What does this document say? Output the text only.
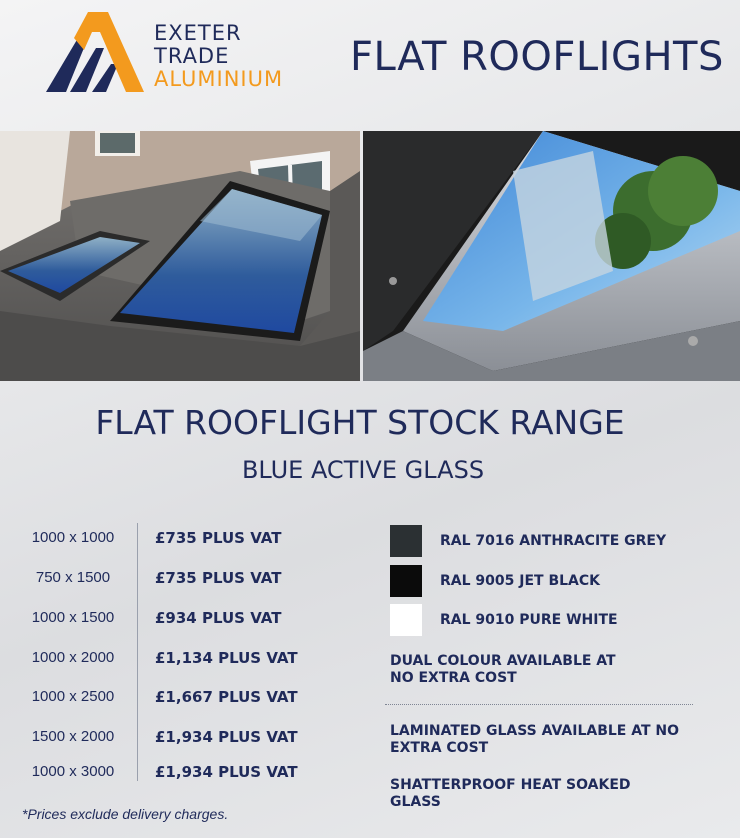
EXETER
TRADE
ALUMINIUM FLAT ROOFLIGHTS
FLAT ROOFLIGHT STOCK RANGE
BLUE ACTIVE GLASS
1000 x 1000	£735 PLUS VAT
750 x 1500	£735 PLUS VAT
1000 x 1500	£934 PLUS VAT
1000 x 2000	£1,134 PLUS VAT
1000 x 2500	£1,667 PLUS VAT
1500 x 2000	£1,934 PLUS VAT
1000 x 3000	£1,934 PLUS VAT
RAL 7016 ANTHRACITE GREY
RAL 9005 JET BLACK
RAL 9010 PURE WHITE
DUAL COLOUR AVAILABLE AT NO EXTRA COST
LAMINATED GLASS AVAILABLE AT NO EXTRA COST
SHATTERPROOF HEAT SOAKED GLASS
*Prices exclude delivery charges.
